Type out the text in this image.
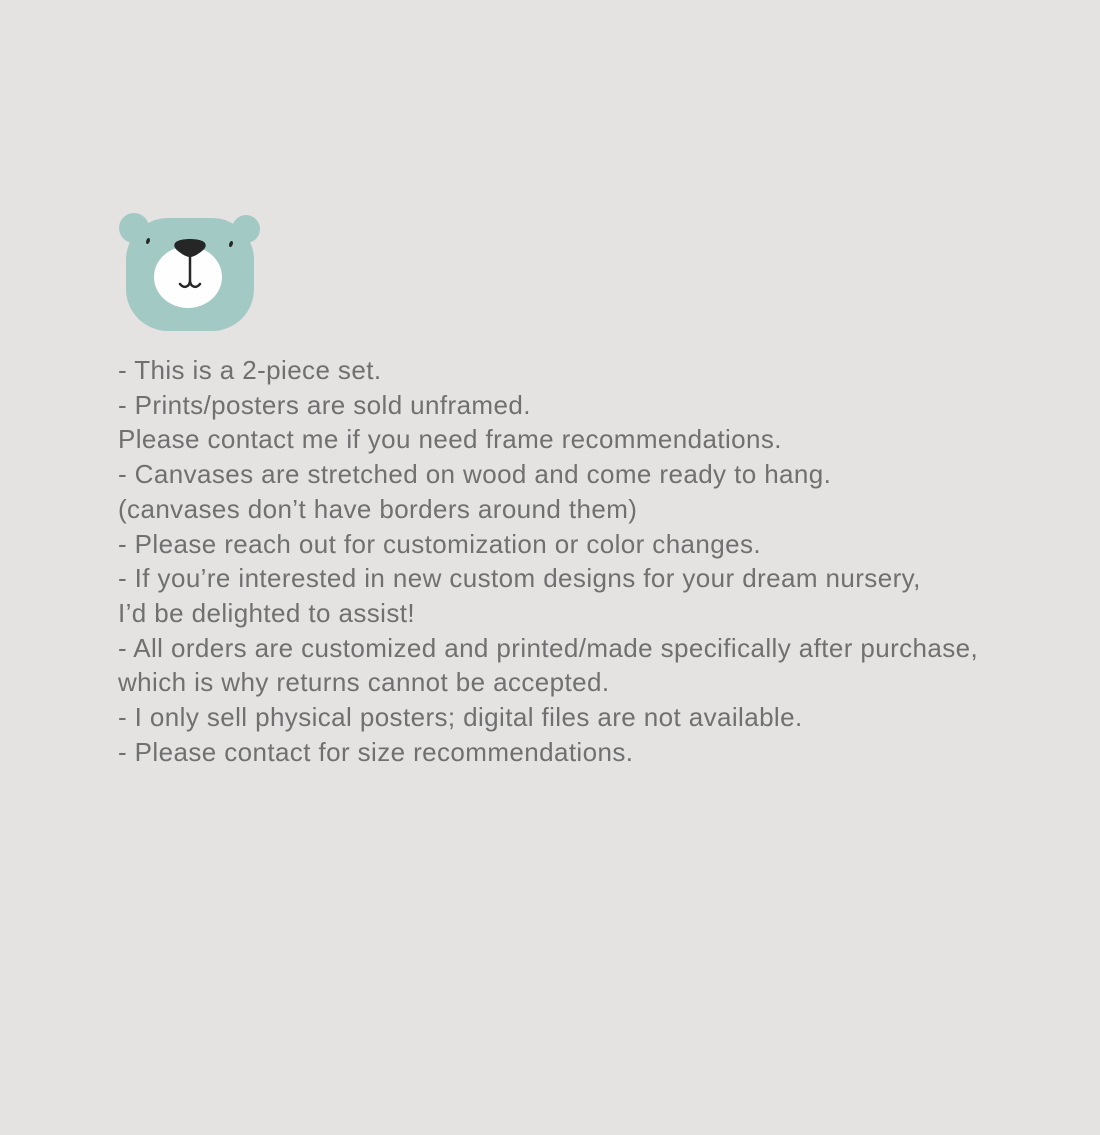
- This is a 2-piece set.

- Prints/posters are sold unframed.

Please contact me if you need frame recommendations.

- Canvases are stretched on wood and come ready to hang.

(canvases don’t have borders around them)

- Please reach out for customization or color changes.

- If you’re interested in new custom designs for your dream nursery,

I’d be delighted to assist!

- All orders are customized and printed/made specifically after purchase,

which is why returns cannot be accepted.

- I only sell physical posters; digital files are not available.

- Please contact for size recommendations.
